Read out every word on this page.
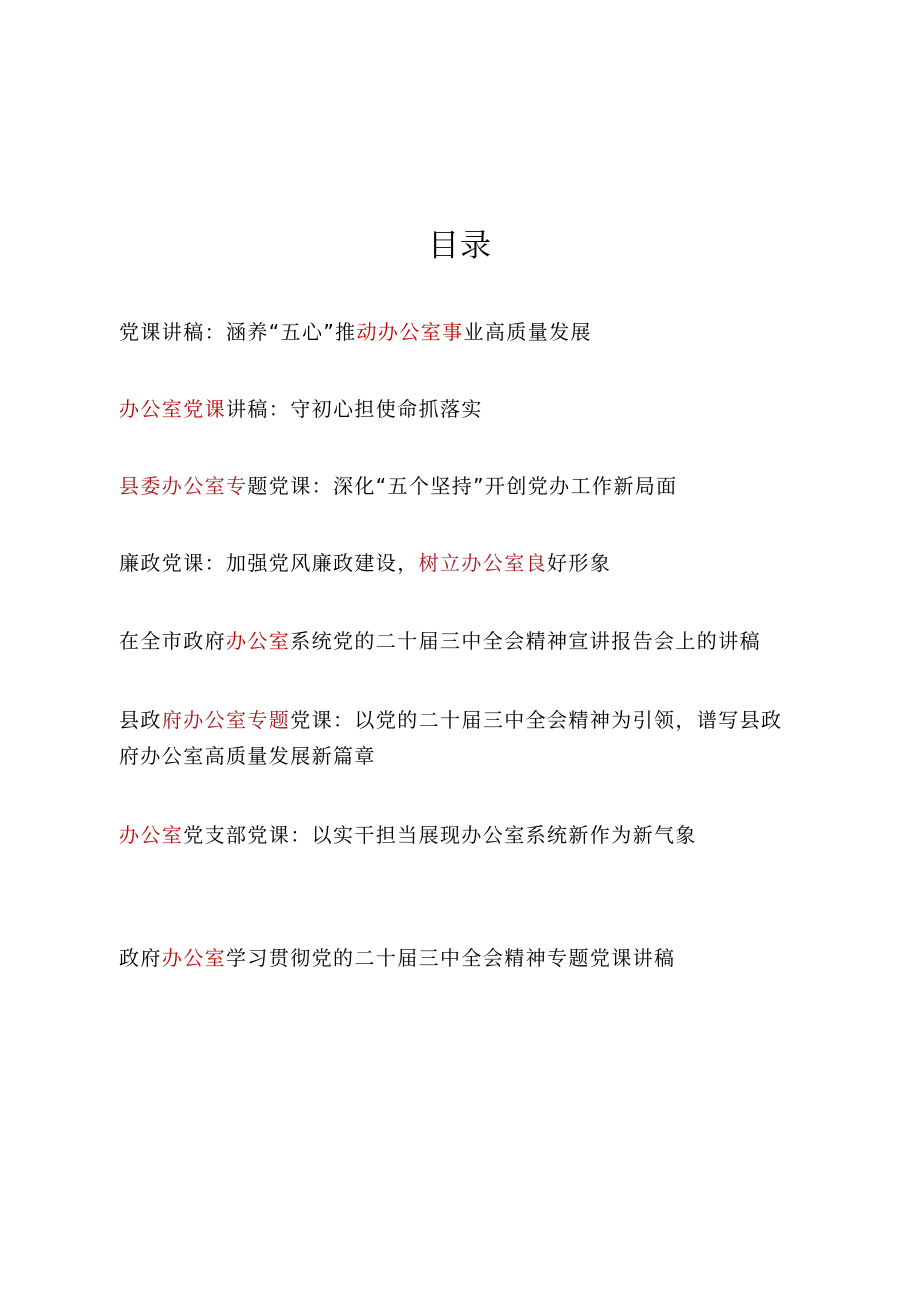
目录
党课讲稿：涵养“五心”推动办公室事业高质量发展
办公室党课讲稿：守初心担使命抓落实
县委办公室专题党课：深化“五个坚持”开创党办工作新局面
廉政党课：加强党风廉政建设，树立办公室良好形象
在全市政府办公室系统党的二十届三中全会精神宣讲报告会上的讲稿
县政府办公室专题党课：以党的二十届三中全会精神为引领，谱写县政府办公室高质量发展新篇章
办公室党支部党课：以实干担当展现办公室系统新作为新气象
政府办公室学习贯彻党的二十届三中全会精神专题党课讲稿
